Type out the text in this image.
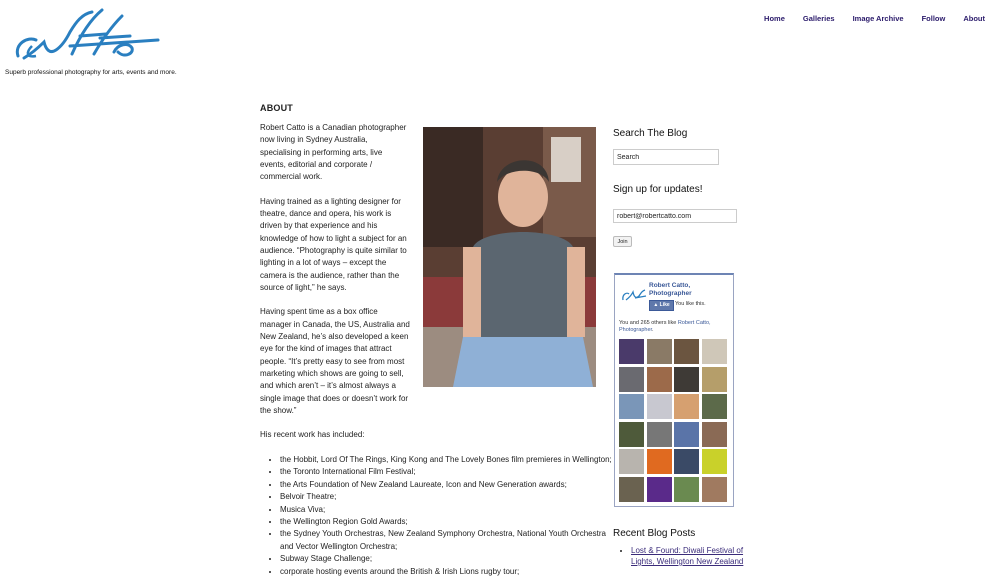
Superb professional photography for arts, events and more.
Home Galleries Image Archive Follow About
ABOUT

Robert Catto is a Canadian photographer now living in Sydney Australia, specialising in performing arts, live events, editorial and corporate / commercial work.

Having trained as a lighting designer for theatre, dance and opera, his work is driven by that experience and his knowledge of how to light a subject for an audience. “Photography is quite similar to lighting in a lot of ways – except the camera is the audience, rather than the source of light,” he says.

Having spent time as a box office manager in Canada, the US, Australia and New Zealand, he’s also developed a keen eye for the kind of images that attract people. “It’s pretty easy to see from most marketing which shows are going to sell, and which aren’t – it’s almost always a single image that does or doesn’t work for the show.”

His recent work has included:

• the Hobbit, Lord Of The Rings, King Kong and The Lovely Bones film premieres in Wellington;
• the Toronto International Film Festival;
• the Arts Foundation of New Zealand Laureate, Icon and New Generation awards;
• Belvoir Theatre;
• Musica Viva;
• the Wellington Region Gold Awards;
• the Sydney Youth Orchestras, New Zealand Symphony Orchestra, National Youth Orchestra and Vector Wellington Orchestra;
• Subway Stage Challenge;
• corporate hosting events around the British & Irish Lions rugby tour;
Search The Blog
Search
Sign up for updates!
robert@robertcatto.com
Join
Robert Catto, Photographer
▲ Like You like this.
You and 265 others like Robert Catto, Photographer.
Recent Blog Posts
• Lost & Found: Diwali Festival of Lights, Wellington New Zealand
